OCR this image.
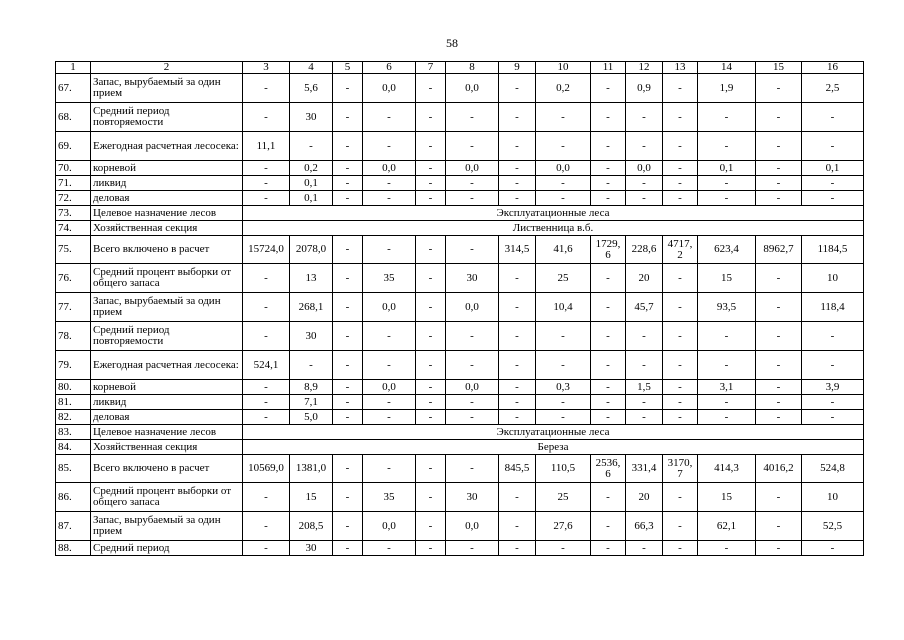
58
1	2	3	4	5	6	7	8	9	10	11	12	13	14	15	16
67.	Запас, вырубаемый за один прием	-	5,6	-	0,0	-	0,0	-	0,2	-	0,9	-	1,9	-	2,5
68.	Средний период повторяемости	-	30	-	-	-	-	-	-	-	-	-	-	-	-
69.	Ежегодная расчетная лесосека:	11,1	-	-	-	-	-	-	-	-	-	-	-	-	-
70.	корневой	-	0,2	-	0,0	-	0,0	-	0,0	-	0,0	-	0,1	-	0,1
71.	ликвид	-	0,1	-	-	-	-	-	-	-	-	-	-	-	-
72.	деловая	-	0,1	-	-	-	-	-	-	-	-	-	-	-	-
73.	Целевое назначение лесов	Эксплуатационные леса													
74.	Хозяйственная секция	Лиственница в.б.													
75.	Всего включено в расчет	15724,0	2078,0	-	-	-	-	314,5	41,6	1729,6	228,6	4717,2	623,4	8962,7	1184,5
76.	Средний процент выборки от общего запаса	-	13	-	35	-	30	-	25	-	20	-	15	-	10
77.	Запас, вырубаемый за один прием	-	268,1	-	0,0	-	0,0	-	10,4	-	45,7	-	93,5	-	118,4
78.	Средний период повторяемости	-	30	-	-	-	-	-	-	-	-	-	-	-	-
79.	Ежегодная расчетная лесосека:	524,1	-	-	-	-	-	-	-	-	-	-	-	-	-
80.	корневой	-	8,9	-	0,0	-	0,0	-	0,3	-	1,5	-	3,1	-	3,9
81.	ликвид	-	7,1	-	-	-	-	-	-	-	-	-	-	-	-
82.	деловая	-	5,0	-	-	-	-	-	-	-	-	-	-	-	-
83.	Целевое назначение лесов	Эксплуатационные леса													
84.	Хозяйственная секция	Береза													
85.	Всего включено в расчет	10569,0	1381,0	-	-	-	-	845,5	110,5	2536,6	331,4	3170,7	414,3	4016,2	524,8
86.	Средний процент выборки от общего запаса	-	15	-	35	-	30	-	25	-	20	-	15	-	10
87.	Запас, вырубаемый за один прием	-	208,5	-	0,0	-	0,0	-	27,6	-	66,3	-	62,1	-	52,5
88.	Средний период	-	30	-	-	-	-	-	-	-	-	-	-	-	-
